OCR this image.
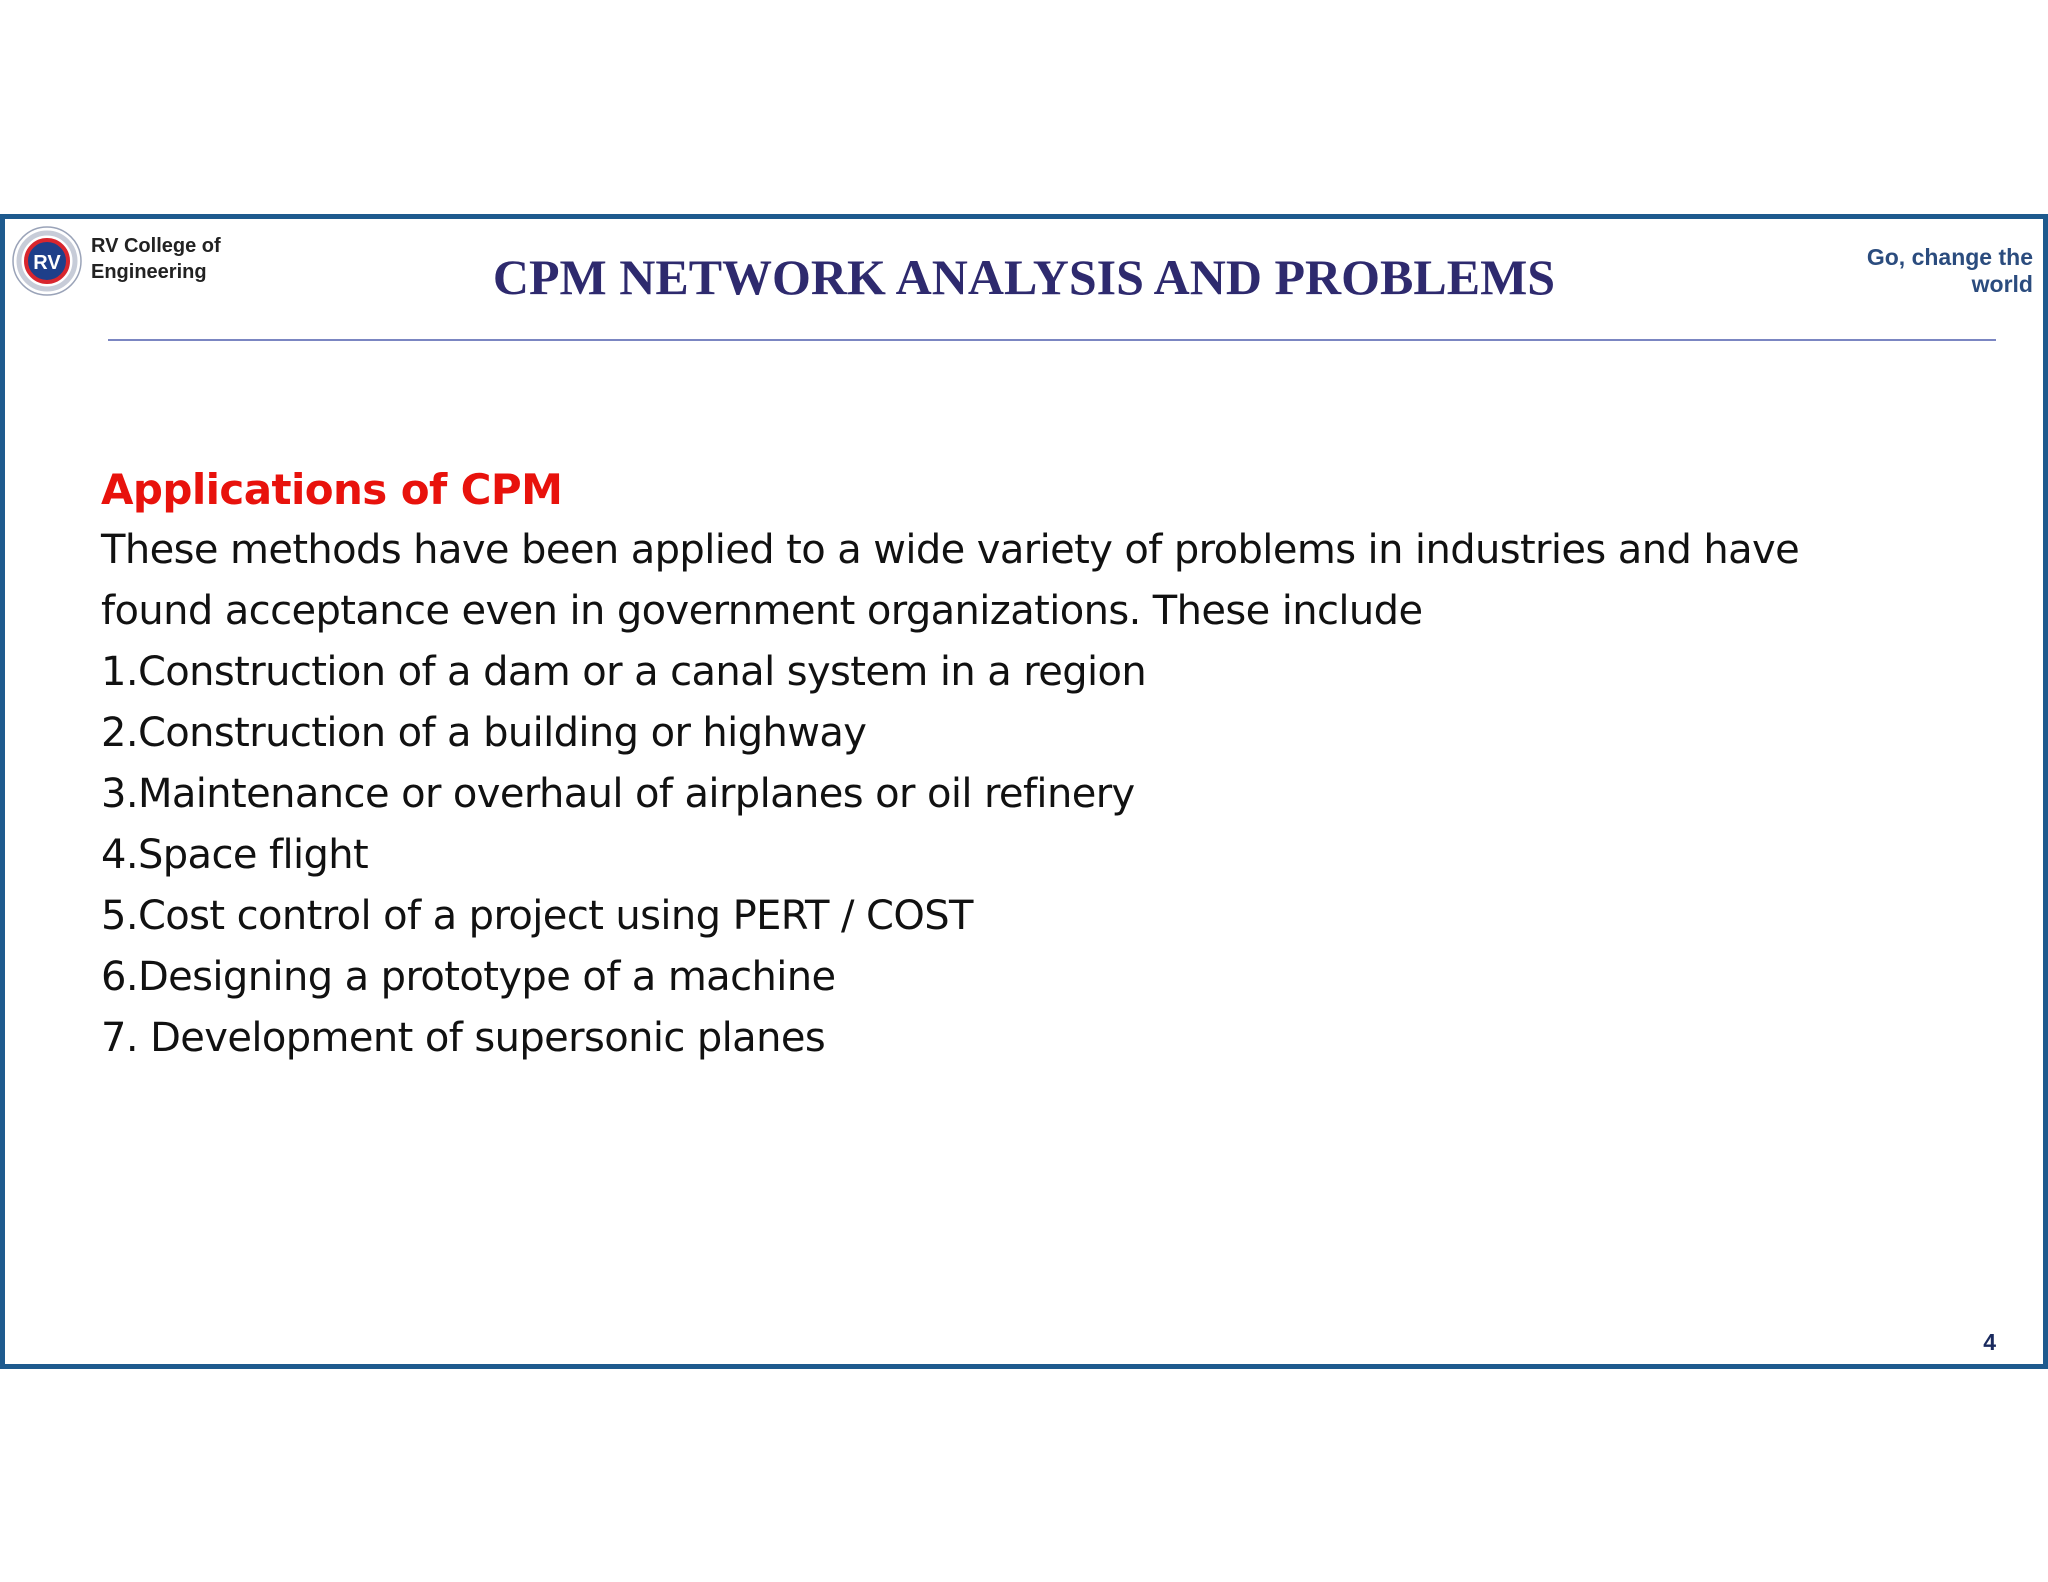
RV
RV College of
Engineering	CPM NETWORK ANALYSIS AND PROBLEMS	Go, change the
world
Applications of CPM
These methods have been applied to a wide variety of problems in industries and have
found acceptance even in government organizations. These include
1.Construction of a dam or a canal system in a region
2.Construction of a building or highway
3.Maintenance or overhaul of airplanes or oil refinery
4.Space flight
5.Cost control of a project using PERT / COST
6.Designing a prototype of a machine
7. Development of supersonic planes
4
